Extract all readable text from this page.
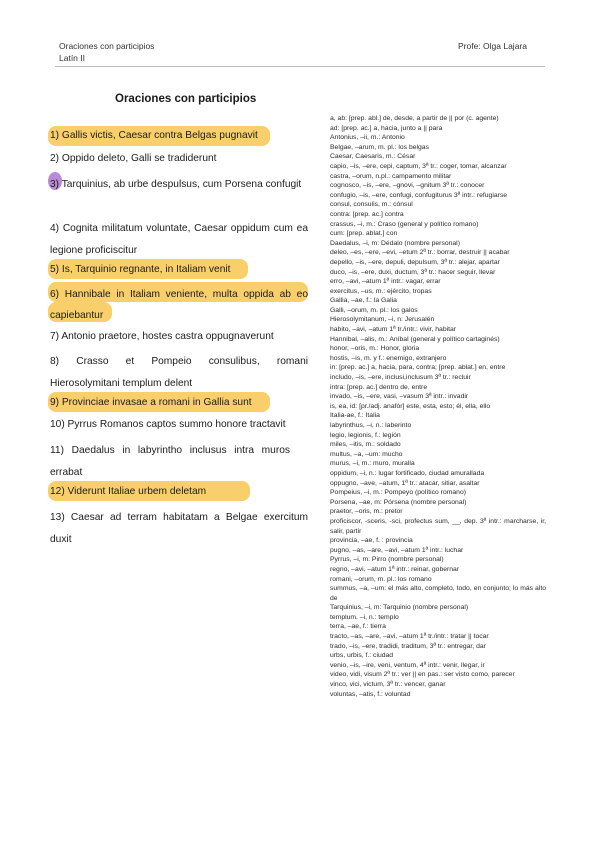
Oraciones con participios
Latín II
Profe: Olga Lajara
Oraciones con participios
1) Gallis victis, Caesar contra Belgas pugnavit
2) Oppido deleto, Galli se tradiderunt
3) Tarquinius, ab urbe despulsus, cum Porsena confugit
4) Cognita militatum voluntate, Caesar oppidum cum ea legione proficiscitur
5) Is, Tarquinio regnante, in Italiam venit
6) Hannibale in Italiam veniente, multa oppida ab eo capiebantur
7) Antonio praetore, hostes castra oppugnaverunt
8) Crasso et Pompeio consulibus, romani Hierosolymitani templum delent
9) Provinciae invasae a romani in Gallia sunt
10) Pyrrus Romanos captos summo honore tractavit
11) Daedalus in labyrintho inclusus intra muros errabat
12) Viderunt Italiae urbem deletam
13) Caesar ad terram habitatam a Belgae exercitum duxit
a, ab: [prep. abl.] de, desde, a partir de || por (c. agente)
ad: [prep. ac.] a, hacia, junto a || para
Antonius, –ii, m.: Antonio
Belgae, –arum, m. pl.: los belgas
Caesar, Caesaris, m.: César
capio, –is, –ere, cepi, captum, 3ª tr.: coger, tomar, alcanzar
castra, –orum, n.pl.: campamento militar
cognosco, –is, –ere, –gnovi, –gnitum 3ª tr.: conocer
confugio, –is, –ere, confugi, confugiturus 3ª intr.: refugiarse
consul, consulis, m.: cónsul
contra: [prep. ac.] contra
crassus, –i, m.: Craso (general y político romano)
cum: [prep. ablat.] con
Daedalus, –i, m: Dédalo (nombre personal)
deleo, –es, –ere, –evi, –etum 2ª tr.: borrar, destruir || acabar
depello, –is, –ere, depuli, depulsum, 3ª tr.: alejar, apartar
duco, –is, –ere, duxi, ductum, 3ª tr.: hacer seguir, llevar
erro, –avi, –atum 1ª intr.: vagar, errar
exercitus, –us, m.: ejército, tropas
Gallia, –ae, f.: la Galia
Galli, –orum, m. pl.: los galos
Hierosolymitanum, –i, n: Jerusalén
habito, –avi, –atum 1ª tr./intr.: vivir, habitar
Hannibal, –alis, m.: Aníbal (general y político cartaginés)
honor, –oris, m.: Honor, gloria
hostis, –is, m. y f.: enemigo, extranjero
in: [prep. ac.] a, hacia, para, contra; [prep. ablat.] en, entre
includo, –is, –ere, inclusi,inclusum 3ª tr.: recluir
intra: [prep. ac.] dentro de, entre
invado, –is, –ere, vasi, –vasum 3ª intr.: invadir
is, ea, id: [pr./adj. anafór] este, esta, esto; él, ella, ello
Italia-ae, f.: Italia
labyrinthus, –i, n.: laberinto
legio, legionis, f.: legión
miles, –itis, m.: soldado
multus, –a, –um: mucho
murus, –i, m.: muro, muralla
oppidum, –i, n.: lugar fortificado, ciudad amurallada
oppugno, –ave, –atum, 1ª tr.: atacar, sitiar, asaltar
Pompeius, –i, m.: Pompeyo (político romano)
Porsena, –ae, m: Pórsena (nombre personal)
praetor, –oris, m.: pretor
proficiscor, -sceris, -sci, profectus sum, __, dep. 3ª intr.: marcharse, ir, salir, partir
provincia, –ae, f. : provincia
pugno, –as, –are, –avi, –atum 1ª intr.: luchar
Pyrrus, –i, m: Pirro (nombre personal)
regno, –avi, –atum 1ª intr.: reinar, gobernar
romani, –orum, m. pl.: los romano
summus, –a, –um: el más alto, completo, todo, en conjunto; lo más alto de
Tarquinius, –i, m: Tarquinio (nombre personal)
templum. –i, n.: templo
terra, –ae, f.: tierra
tracto, –as, –are, –avi, –atum 1ª tr./intr.: tratar || tocar
trado, –is, –ere, tradidi, traditum, 3ª tr.: entregar, dar
urbs, urbis, f.: ciudad
venio, –is, –ire, veni, ventum, 4ª intr.: venir, llegar, ir
video, vidi, visum 2ª tr.: ver || en pas.: ser visto como, parecer
vinco, vici, victum, 3ª tr.: vencer, ganar
voluntas, –atis, f.: voluntad
